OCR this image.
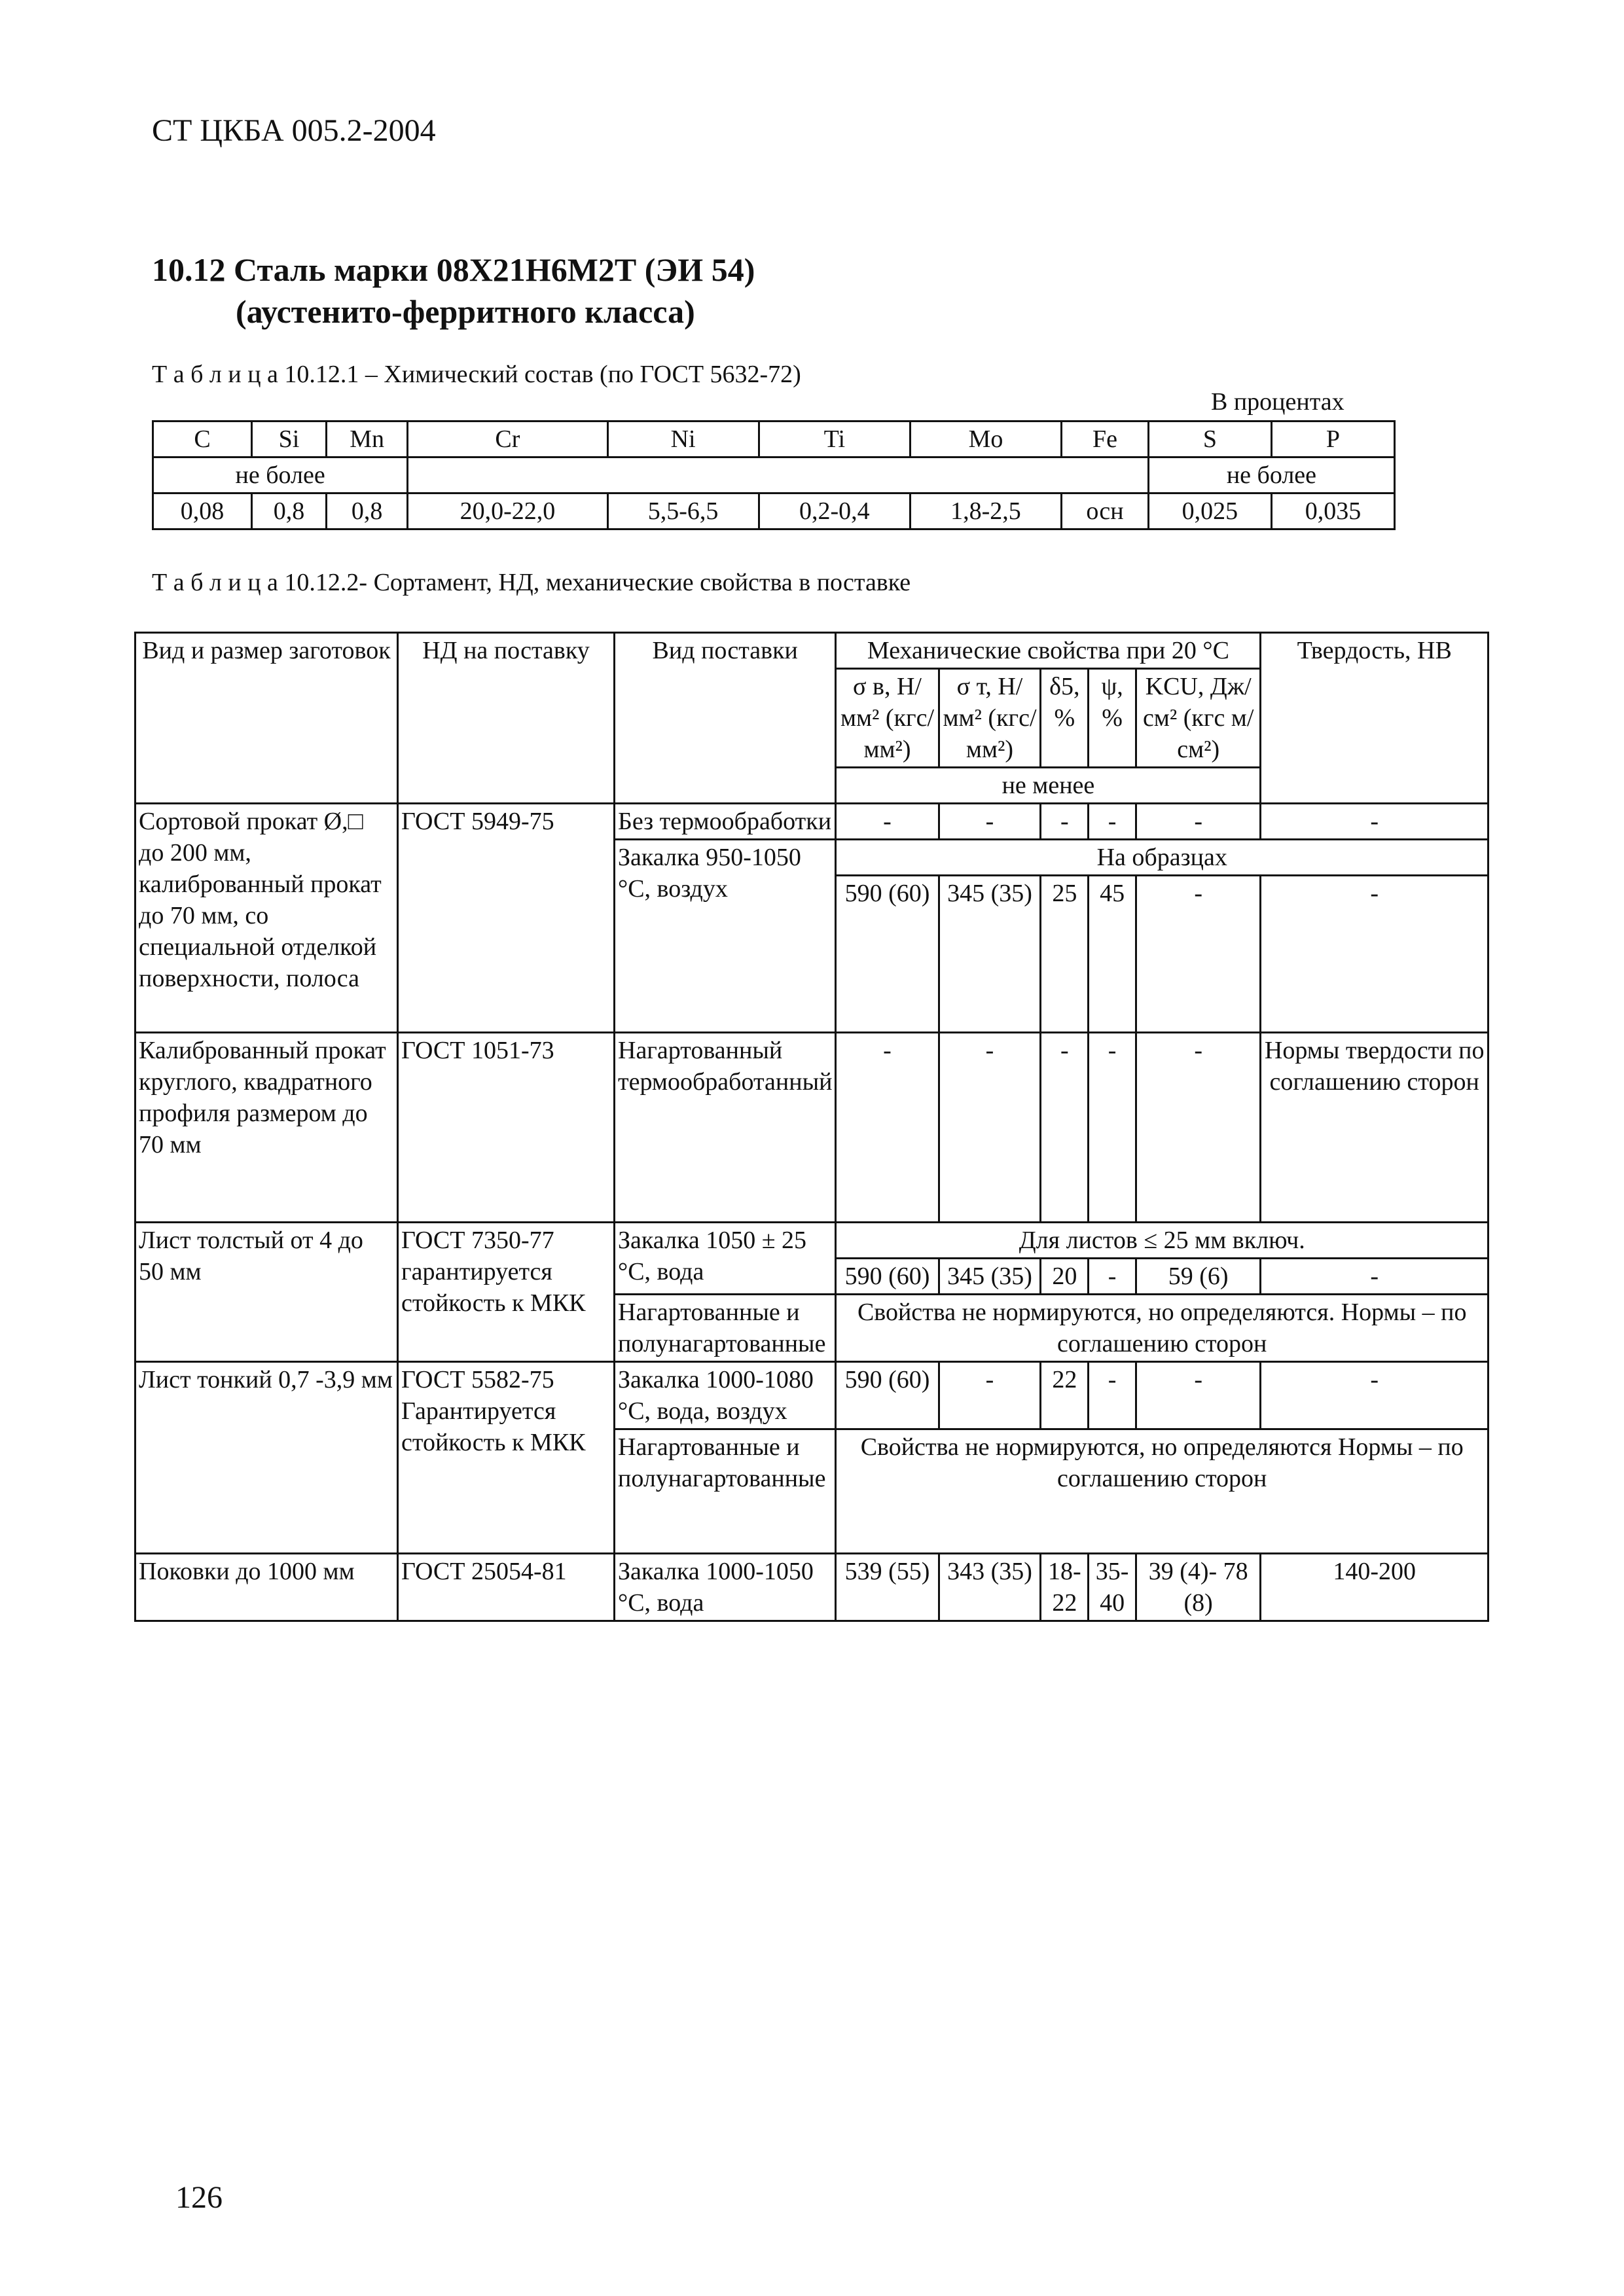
СТ ЦКБА 005.2-2004
10.12 Сталь марки 08Х21Н6М2Т (ЭИ 54)
(аустенито-ферритного класса)
Т а б л и ц а 10.12.1 – Химический состав (по ГОСТ 5632-72)
В процентах
C	Si	Mn	Cr	Ni	Ti	Mo	Fe	S	P
не более								не более	
0,08	0,8	0,8	20,0-22,0	5,5-6,5	0,2-0,4	1,8-2,5	осн	0,025	0,035
Т а б л и ц а 10.12.2- Сортамент, НД, механические свойства в поставке
Вид и размер заготовок	НД на поставку	Вид поставки	Механические свойства при 20 °С					Твердость, НВ
			σ в, Н/мм² (кгс/мм²)	σ т, Н/мм² (кгс/мм²)	δ5, %	ψ, %	KCU, Дж/см² (кгс м/см²)	
			не менее					
Сортовой прокат Ø,□ до 200 мм, калиброванный прокат до 70 мм, со специальной отделкой поверхности, полоса	ГОСТ 5949-75	Без термообработки	-	-	-	-	-	-
		Закалка 950-1050 °С, воздух	На образцах					
			590 (60)	345 (35)	25	45	-	-
Калиброванный прокат круглого, квадратного профиля размером до 70 мм	ГОСТ 1051-73	Нагартованный термообработанный	-	-	-	-	-	Нормы твердости по соглашению сторон
Лист толстый от 4 до 50 мм	ГОСТ 7350-77 гарантируется стойкость к МКК	Закалка 1050 ± 25 °С, вода	Для листов ≤ 25 мм включ.					
			590 (60)	345 (35)	20	-	59 (6)	-
		Нагартованные и полунагартованные	Свойства не нормируются, но определяются. Нормы – по соглашению сторон					

Лист тонкий 0,7 -3,9 мм	ГОСТ 5582-75 Гарантируется стойкость к МКК	Закалка 1000-1080 °С, вода, воздух	590 (60)	-	22	-	-	-
		Нагартованные и полунагартованные	Свойства не нормируются, но определяются Нормы – по соглашению сторон					
Поковки до 1000 мм	ГОСТ 25054-81	Закалка 1000-1050 °С, вода	539 (55)	343 (35)	18-22	35-40	39 (4)- 78 (8)	140-200
126
